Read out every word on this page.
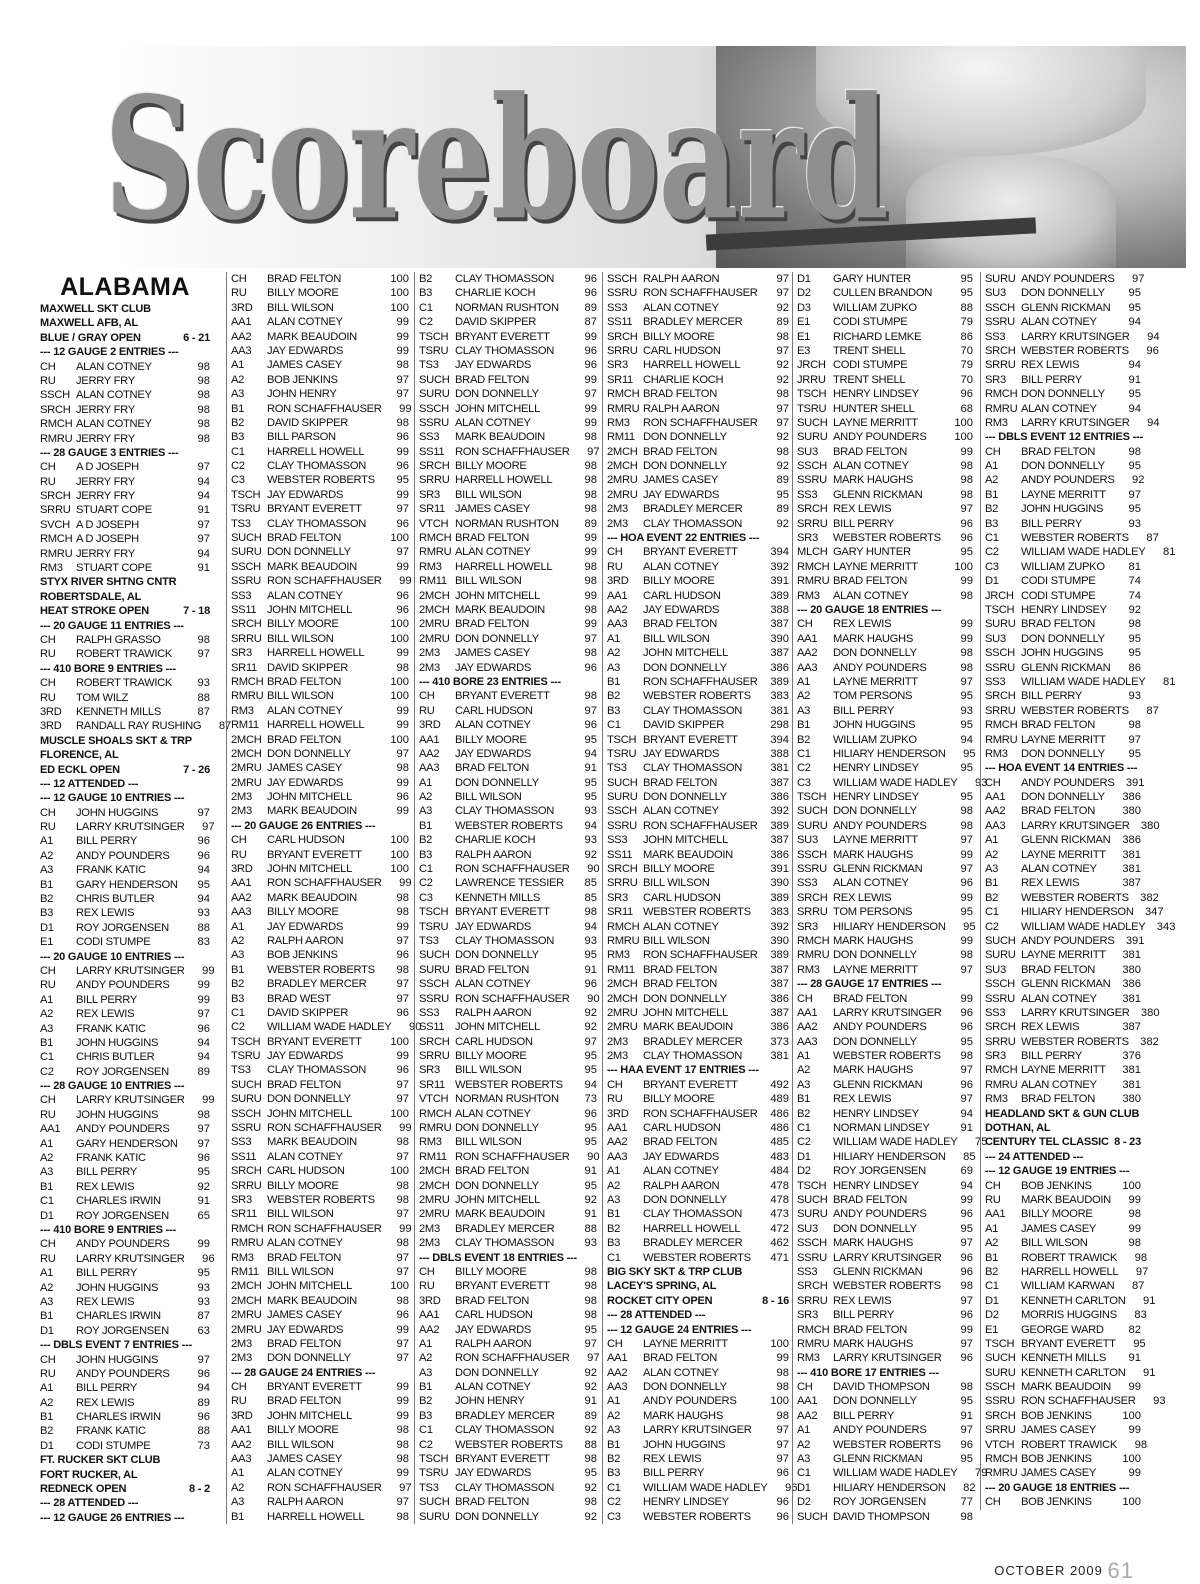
Scoreboard
ALABAMA
MAXWELL SKT CLUB
MAXWELL AFB, AL
BLUE / GRAY OPEN	6 - 21
--- 12 GAUGE 2 ENTRIES ---
CH	ALAN COTNEY	98
RU	JERRY FRY	98
SSCH ALAN COTNEY	98
SRCH JERRY FRY	98
RMCH ALAN COTNEY	98
RMRU JERRY FRY	98
--- 28 GAUGE 3 ENTRIES ---
CH	A D JOSEPH	97
RU	JERRY FRY	94
SRCH JERRY FRY	94
SRRU STUART COPE	91
SVCH A D JOSEPH	97
RMCH A D JOSEPH	97
RMRU JERRY FRY	94
RM3	STUART COPE	91
STYX RIVER SHTNG CNTR
ROBERTSDALE, AL
HEAT STROKE OPEN	7 - 18
--- 20 GAUGE 11 ENTRIES ---
CH	RALPH GRASSO	98
RU	ROBERT TRAWICK	97
--- 410 BORE 9 ENTRIES ---
CH	ROBERT TRAWICK	93
RU	TOM WILZ	88
3RD	KENNETH MILLS	87
3RD	RANDALL RAY RUSHING	87
MUSCLE SHOALS SKT & TRP
FLORENCE, AL
ED ECKL OPEN	7 - 26
--- 12 ATTENDED ---
--- 12 GAUGE 10 ENTRIES ---
CH	JOHN HUGGINS	97
RU	LARRY KRUTSINGER	97
A1	BILL PERRY	96
A2	ANDY POUNDERS	96
A3	FRANK KATIC	94
B1	GARY HENDERSON	95
B2	CHRIS BUTLER	94
B3	REX LEWIS	93
D1	ROY JORGENSEN	88
E1	CODI STUMPE	83
--- 20 GAUGE 10 ENTRIES ---
CH	LARRY KRUTSINGER	99
RU	ANDY POUNDERS	99
A1	BILL PERRY	99
A2	REX LEWIS	97
A3	FRANK KATIC	96
B1	JOHN HUGGINS	94
C1	CHRIS BUTLER	94
C2	ROY JORGENSEN	89
--- 28 GAUGE 10 ENTRIES ---
CH	LARRY KRUTSINGER	99
RU	JOHN HUGGINS	98
AA1	ANDY POUNDERS	97
A1	GARY HENDERSON	97
A2	FRANK KATIC	96
A3	BILL PERRY	95
B1	REX LEWIS	92
C1	CHARLES IRWIN	91
D1	ROY JORGENSEN	65
--- 410 BORE 9 ENTRIES ---
CH	ANDY POUNDERS	99
RU	LARRY KRUTSINGER	96
A1	BILL PERRY	95
A2	JOHN HUGGINS	93
A3	REX LEWIS	93
B1	CHARLES IRWIN	87
D1	ROY JORGENSEN	63
--- DBLS EVENT 7 ENTRIES ---
CH	JOHN HUGGINS	97
RU	ANDY POUNDERS	96
A1	BILL PERRY	94
A2	REX LEWIS	89
B1	CHARLES IRWIN	96
B2	FRANK KATIC	88
D1	CODI STUMPE	73
FT. RUCKER SKT CLUB
FORT RUCKER, AL
REDNECK OPEN	8 - 2
--- 28 ATTENDED ---
--- 12 GAUGE 26 ENTRIES ---
CH	BRAD FELTON	100
RU	BILLY MOORE	100
3RD	BILL WILSON	100
AA1	ALAN COTNEY	99
AA2	MARK BEAUDOIN	99
AA3	JAY EDWARDS	99
A1	JAMES CASEY	98
A2	BOB JENKINS	97
A3	JOHN HENRY	97
B1	RON SCHAFFHAUSER	99
B2	DAVID SKIPPER	98
B3	BILL PARSON	96
C1	HARRELL HOWELL	99
C2	CLAY THOMASSON	96
C3	WEBSTER ROBERTS	95
TSCH JAY EDWARDS	99
TSRU BRYANT EVERETT	97
TS3	CLAY THOMASSON	96
SUCH BRAD FELTON	100
SURU DON DONNELLY	97
SSCH MARK BEAUDOIN	99
SSRU RON SCHAFFHAUSER	99
SS3	ALAN COTNEY	96
SS11 JOHN MITCHELL	96
SRCH BILLY MOORE	100
SRRU BILL WILSON	100
SR3	HARRELL HOWELL	99
SR11 DAVID SKIPPER	98
RMCH BRAD FELTON	100
RMRU BILL WILSON	100
RM3	ALAN COTNEY	99
RM11 HARRELL HOWELL	99
2MCH BRAD FELTON	100
2MCH DON DONNELLY	97
2MRU JAMES CASEY	98
2MRU JAY EDWARDS	99
2M3	JOHN MITCHELL	96
2M3	MARK BEAUDOIN	99
--- 20 GAUGE 26 ENTRIES ---
CH	CARL HUDSON	100
RU	BRYANT EVERETT	100
3RD	JOHN MITCHELL	100
AA1	RON SCHAFFHAUSER	99
AA2	MARK BEAUDOIN	98
AA3	BILLY MOORE	98
A1	JAY EDWARDS	99
A2	RALPH AARON	97
A3	BOB JENKINS	96
B1	WEBSTER ROBERTS	98
B2	BRADLEY MERCER	97
B3	BRAD WEST	97
C1	DAVID SKIPPER	96
C2	WILLIAM WADE HADLEY	90
TSCH BRYANT EVERETT	100
TSRU JAY EDWARDS	99
TS3	CLAY THOMASSON	96
SUCH BRAD FELTON	97
SURU DON DONNELLY	97
SSCH JOHN MITCHELL	100
SSRU RON SCHAFFHAUSER	99
SS3	MARK BEAUDOIN	98
SS11 ALAN COTNEY	97
SRCH CARL HUDSON	100
SRRU BILLY MOORE	98
SR3	WEBSTER ROBERTS	98
SR11 BILL WILSON	97
RMCH RON SCHAFFHAUSER	99
RMRU ALAN COTNEY	98
RM3	BRAD FELTON	97
RM11 BILL WILSON	97
2MCH JOHN MITCHELL	100
2MCH MARK BEAUDOIN	98
2MRU JAMES CASEY	96
2MRU JAY EDWARDS	99
2M3	BRAD FELTON	97
2M3	DON DONNELLY	97
--- 28 GAUGE 24 ENTRIES ---
CH	BRYANT EVERETT	99
RU	BRAD FELTON	99
3RD	JOHN MITCHELL	99
AA1	BILLY MOORE	98
AA2	BILL WILSON	98
AA3	JAMES CASEY	98
A1	ALAN COTNEY	99
A2	RON SCHAFFHAUSER	97
A3	RALPH AARON	97
B1	HARRELL HOWELL	98
B2	CLAY THOMASSON	96
B3	CHARLIE KOCH	96
C1	NORMAN RUSHTON	89
C2	DAVID SKIPPER	87
TSCH BRYANT EVERETT	99
TSRU CLAY THOMASSON	96
TS3	JAY EDWARDS	96
SUCH BRAD FELTON	99
SURU DON DONNELLY	97
SSCH JOHN MITCHELL	99
SSRU ALAN COTNEY	99
SS3	MARK BEAUDOIN	98
SS11 RON SCHAFFHAUSER	97
SRCH BILLY MOORE	98
SRRU HARRELL HOWELL	98
SR3	BILL WILSON	98
SR11 JAMES CASEY	98
VTCH NORMAN RUSHTON	89
RMCH BRAD FELTON	99
RMRU ALAN COTNEY	99
RM3	HARRELL HOWELL	98
RM11 BILL WILSON	98
2MCH JOHN MITCHELL	99
2MCH MARK BEAUDOIN	98
2MRU BRAD FELTON	99
2MRU DON DONNELLY	97
2M3	JAMES CASEY	98
2M3	JAY EDWARDS	96
--- 410 BORE 23 ENTRIES ---
CH	BRYANT EVERETT	98
RU	CARL HUDSON	97
3RD	ALAN COTNEY	96
AA1	BILLY MOORE	95
AA2	JAY EDWARDS	94
AA3	BRAD FELTON	91
A1	DON DONNELLY	95
A2	BILL WILSON	95
A3	CLAY THOMASSON	93
B1	WEBSTER ROBERTS	94
B2	CHARLIE KOCH	93
B3	RALPH AARON	92
C1	RON SCHAFFHAUSER	90
C2	LAWRENCE TESSIER	85
C3	KENNETH MILLS	85
TSCH BRYANT EVERETT	98
TSRU JAY EDWARDS	94
TS3	CLAY THOMASSON	93
SUCH DON DONNELLY	95
SURU BRAD FELTON	91
SSCH ALAN COTNEY	96
SSRU RON SCHAFFHAUSER	90
SS3	RALPH AARON	92
SS11 JOHN MITCHELL	92
SRCH CARL HUDSON	97
SRRU BILLY MOORE	95
SR3	BILL WILSON	95
SR11 WEBSTER ROBERTS	94
VTCH NORMAN RUSHTON	73
RMCH ALAN COTNEY	96
RMRU DON DONNELLY	95
RM3	BILL WILSON	95
RM11 RON SCHAFFHAUSER	90
2MCH BRAD FELTON	91
2MCH DON DONNELLY	95
2MRU JOHN MITCHELL	92
2MRU MARK BEAUDOIN	91
2M3	BRADLEY MERCER	88
2M3	CLAY THOMASSON	93
--- DBLS EVENT 18 ENTRIES ---
CH	BILLY MOORE	98
RU	BRYANT EVERETT	98
3RD	BRAD FELTON	98
AA1	CARL HUDSON	98
AA2	JAY EDWARDS	95
A1	RALPH AARON	97
A2	RON SCHAFFHAUSER	97
A3	DON DONNELLY	92
B1	ALAN COTNEY	92
B2	JOHN HENRY	91
B3	BRADLEY MERCER	89
C1	CLAY THOMASSON	92
C2	WEBSTER ROBERTS	88
TSCH BRYANT EVERETT	98
TSRU JAY EDWARDS	95
TS3	CLAY THOMASSON	92
SUCH BRAD FELTON	98
SURU DON DONNELLY	92
SSCH RALPH AARON	97
SSRU RON SCHAFFHAUSER	97
SS3	ALAN COTNEY	92
SS11 BRADLEY MERCER	89
SRCH BILLY MOORE	98
SRRU CARL HUDSON	97
SR3	HARRELL HOWELL	92
SR11 CHARLIE KOCH	92
RMCH BRAD FELTON	98
RMRU RALPH AARON	97
RM3	RON SCHAFFHAUSER	97
RM11 DON DONNELLY	92
2MCH BRAD FELTON	98
2MCH DON DONNELLY	92
2MRU JAMES CASEY	89
2MRU JAY EDWARDS	95
2M3	BRADLEY MERCER	89
2M3	CLAY THOMASSON	92
--- HOA EVENT 22 ENTRIES ---
CH	BRYANT EVERETT	394
RU	ALAN COTNEY	392
3RD	BILLY MOORE	391
AA1	CARL HUDSON	389
AA2	JAY EDWARDS	388
AA3	BRAD FELTON	387
A1	BILL WILSON	390
A2	JOHN MITCHELL	387
A3	DON DONNELLY	386
B1	RON SCHAFFHAUSER	389
B2	WEBSTER ROBERTS	383
B3	CLAY THOMASSON	381
C1	DAVID SKIPPER	298
TSCH BRYANT EVERETT	394
TSRU JAY EDWARDS	388
TS3	CLAY THOMASSON	381
SUCH BRAD FELTON	387
SURU DON DONNELLY	386
SSCH ALAN COTNEY	392
SSRU RON SCHAFFHAUSER	389
SS3	JOHN MITCHELL	387
SS11 MARK BEAUDOIN	386
SRCH BILLY MOORE	391
SRRU BILL WILSON	390
SR3	CARL HUDSON	389
SR11 WEBSTER ROBERTS	383
RMCH ALAN COTNEY	392
RMRU BILL WILSON	390
RM3	RON SCHAFFHAUSER	389
RM11 BRAD FELTON	387
2MCH BRAD FELTON	387
2MCH DON DONNELLY	386
2MRU JOHN MITCHELL	387
2MRU MARK BEAUDOIN	386
2M3	BRADLEY MERCER	373
2M3	CLAY THOMASSON	381
--- HAA EVENT 17 ENTRIES ---
CH	BRYANT EVERETT	492
RU	BILLY MOORE	489
3RD	RON SCHAFFHAUSER	486
AA1	CARL HUDSON	486
AA2	BRAD FELTON	485
AA3	JAY EDWARDS	483
A1	ALAN COTNEY	484
A2	RALPH AARON	478
A3	DON DONNELLY	478
B1	CLAY THOMASSON	473
B2	HARRELL HOWELL	472
B3	BRADLEY MERCER	462
C1	WEBSTER ROBERTS	471
BIG SKY SKT & TRP CLUB
LACEY'S SPRING, AL
ROCKET CITY OPEN	8 - 16
--- 28 ATTENDED ---
--- 12 GAUGE 24 ENTRIES ---
CH	LAYNE MERRITT	100
AA1	BRAD FELTON	99
AA2	ALAN COTNEY	98
AA3	DON DONNELLY	98
A1	ANDY POUNDERS	100
A2	MARK HAUGHS	98
A3	LARRY KRUTSINGER	97
B1	JOHN HUGGINS	97
B2	REX LEWIS	97
B3	BILL PERRY	96
C1	WILLIAM WADE HADLEY	96
C2	HENRY LINDSEY	96
C3	WEBSTER ROBERTS	96
D1	GARY HUNTER	95
D2	CULLEN BRANDON	95
D3	WILLIAM ZUPKO	88
E1	CODI STUMPE	79
E1	RICHARD LEMKE	86
E3	TRENT SHELL	70
JRCH CODI STUMPE	79
JRRU TRENT SHELL	70
TSCH HENRY LINDSEY	96
TSRU HUNTER SHELL	68
SUCH LAYNE MERRITT	100
SURU ANDY POUNDERS	100
SU3	BRAD FELTON	99
SSCH ALAN COTNEY	98
SSRU MARK HAUGHS	98
SS3	GLENN RICKMAN	98
SRCH REX LEWIS	97
SRRU BILL PERRY	96
SR3	WEBSTER ROBERTS	96
MLCH GARY HUNTER	95
RMCH LAYNE MERRITT	100
RMRU BRAD FELTON	99
RM3	ALAN COTNEY	98
--- 20 GAUGE 18 ENTRIES ---
CH	REX LEWIS	99
AA1	MARK HAUGHS	99
AA2	DON DONNELLY	98
AA3	ANDY POUNDERS	98
A1	LAYNE MERRITT	97
A2	TOM PERSONS	95
A3	BILL PERRY	93
B1	JOHN HUGGINS	95
B2	WILLIAM ZUPKO	94
C1	HILIARY HENDERSON	95
C2	HENRY LINDSEY	95
C3	WILLIAM WADE HADLEY	93
TSCH HENRY LINDSEY	95
SUCH DON DONNELLY	98
SURU ANDY POUNDERS	98
SU3	LAYNE MERRITT	97
SSCH MARK HAUGHS	99
SSRU GLENN RICKMAN	97
SS3	ALAN COTNEY	96
SRCH REX LEWIS	99
SRRU TOM PERSONS	95
SR3	HILIARY HENDERSON	95
RMCH MARK HAUGHS	99
RMRU DON DONNELLY	98
RM3	LAYNE MERRITT	97
--- 28 GAUGE 17 ENTRIES ---
CH	BRAD FELTON	99
AA1	LARRY KRUTSINGER	96
AA2	ANDY POUNDERS	96
AA3	DON DONNELLY	95
A1	WEBSTER ROBERTS	98
A2	MARK HAUGHS	97
A3	GLENN RICKMAN	96
B1	REX LEWIS	97
B2	HENRY LINDSEY	94
C1	NORMAN LINDSEY	91
C2	WILLIAM WADE HADLEY	75
D1	HILIARY HENDERSON	85
D2	ROY JORGENSEN	69
TSCH HENRY LINDSEY	94
SUCH BRAD FELTON	99
SURU ANDY POUNDERS	96
SU3	DON DONNELLY	95
SSCH MARK HAUGHS	97
SSRU LARRY KRUTSINGER	96
SS3	GLENN RICKMAN	96
SRCH WEBSTER ROBERTS	98
SRRU REX LEWIS	97
SR3	BILL PERRY	96
RMCH BRAD FELTON	99
RMRU MARK HAUGHS	97
RM3	LARRY KRUTSINGER	96
--- 410 BORE 17 ENTRIES ---
CH	DAVID THOMPSON	98
AA1	DON DONNELLY	95
AA2	BILL PERRY	91
A1	ANDY POUNDERS	97
A2	WEBSTER ROBERTS	96
A3	GLENN RICKMAN	95
C1	WILLIAM WADE HADLEY	79
D1	HILIARY HENDERSON	82
D2	ROY JORGENSEN	77
SUCH DAVID THOMPSON	98
SURU ANDY POUNDERS	97
SU3	DON DONNELLY	95
SSCH GLENN RICKMAN	95
SSRU ALAN COTNEY	94
SS3	LARRY KRUTSINGER	94
SRCH WEBSTER ROBERTS	96
SRRU REX LEWIS	94
SR3	BILL PERRY	91
RMCH DON DONNELLY	95
RMRU ALAN COTNEY	94
RM3	LARRY KRUTSINGER	94
--- DBLS EVENT 12 ENTRIES ---
CH	BRAD FELTON	98
A1	DON DONNELLY	95
A2	ANDY POUNDERS	92
B1	LAYNE MERRITT	97
B2	JOHN HUGGINS	95
B3	BILL PERRY	93
C1	WEBSTER ROBERTS	87
C2	WILLIAM WADE HADLEY	81
C3	WILLIAM ZUPKO	81
D1	CODI STUMPE	74
JRCH CODI STUMPE	74
TSCH HENRY LINDSEY	92
SURU BRAD FELTON	98
SU3	DON DONNELLY	95
SSCH JOHN HUGGINS	95
SSRU GLENN RICKMAN	86
SS3	WILLIAM WADE HADLEY	81
SRCH BILL PERRY	93
SRRU WEBSTER ROBERTS	87
RMCH BRAD FELTON	98
RMRU LAYNE MERRITT	97
RM3	DON DONNELLY	95
--- HOA EVENT 14 ENTRIES ---
CH	ANDY POUNDERS	391
AA1	DON DONNELLY	386
AA2	BRAD FELTON	380
AA3	LARRY KRUTSINGER	380
A1	GLENN RICKMAN	386
A2	LAYNE MERRITT	381
A3	ALAN COTNEY	381
B1	REX LEWIS	387
B2	WEBSTER ROBERTS	382
C1	HILIARY HENDERSON	347
C2	WILLIAM WADE HADLEY	343
SUCH ANDY POUNDERS	391
SURU LAYNE MERRITT	381
SU3	BRAD FELTON	380
SSCH GLENN RICKMAN	386
SSRU ALAN COTNEY	381
SS3	LARRY KRUTSINGER	380
SRCH REX LEWIS	387
SRRU WEBSTER ROBERTS	382
SR3	BILL PERRY	376
RMCH LAYNE MERRITT	381
RMRU ALAN COTNEY	381
RM3	BRAD FELTON	380
HEADLAND SKT & GUN CLUB
DOTHAN, AL
CENTURY TEL CLASSIC 8 - 23
--- 24 ATTENDED ---
--- 12 GAUGE 19 ENTRIES ---
CH	BOB JENKINS	100
RU	MARK BEAUDOIN	99
AA1	BILLY MOORE	98
A1	JAMES CASEY	99
A2	BILL WILSON	98
B1	ROBERT TRAWICK	98
B2	HARRELL HOWELL	97
C1	WILLIAM KARWAN	87
D1	KENNETH CARLTON	91
D2	MORRIS HUGGINS	83
E1	GEORGE WARD	82
TSCH BRYANT EVERETT	95
SUCH KENNETH MILLS	91
SURU KENNETH CARLTON	91
SSCH MARK BEAUDOIN	99
SSRU RON SCHAFFHAUSER	93
SRCH BOB JENKINS	100
SRRU JAMES CASEY	99
VTCH ROBERT TRAWICK	98
RMCH BOB JENKINS	100
RMRU JAMES CASEY	99
--- 20 GAUGE 18 ENTRIES ---
CH	BOB JENKINS	100
OCTOBER 2009 61
